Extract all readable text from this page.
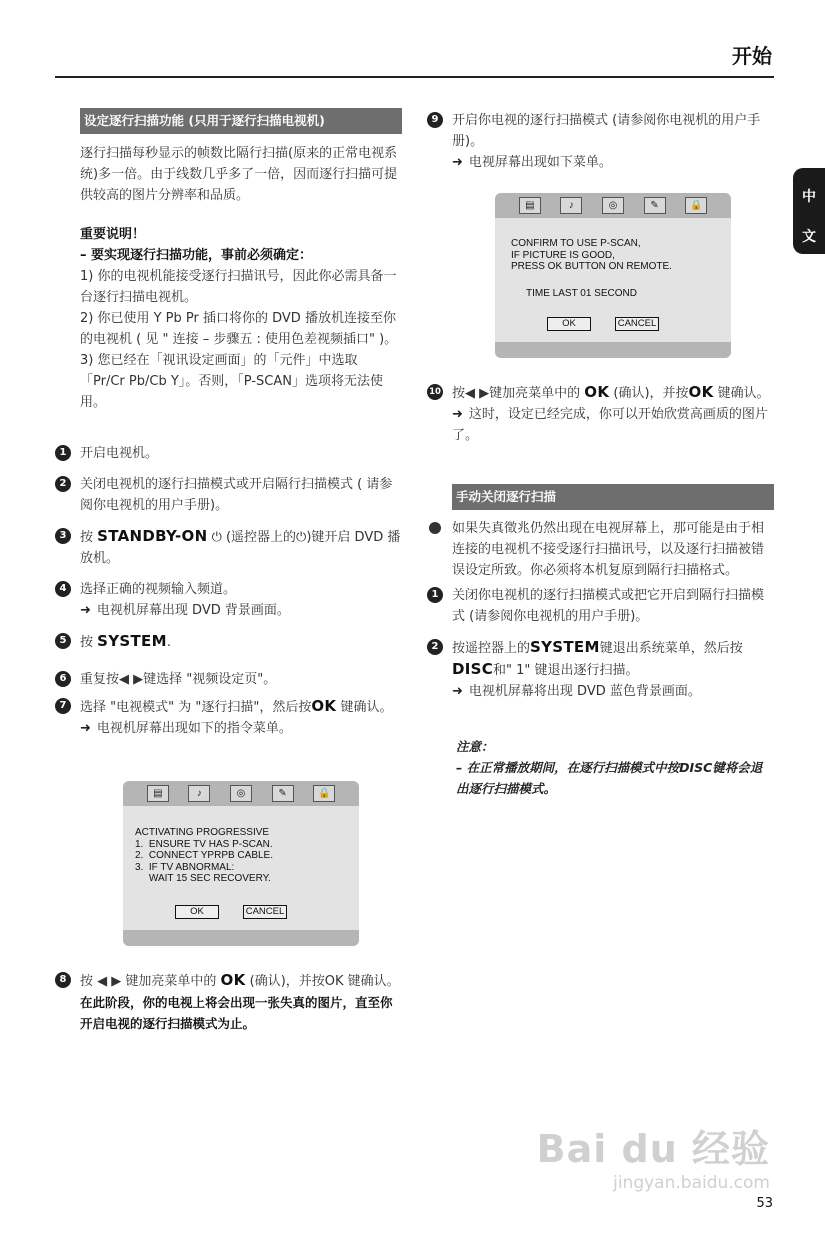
开始
中
文
设定逐行扫描功能 (只用于逐行扫描电视机)
逐行扫描每秒显示的帧数比隔行扫描(原来的正常电视系统)多一倍。由于线数几乎多了一倍，因而逐行扫描可提供较高的图片分辨率和品质。
重要说明！
– 要实现逐行扫描功能，事前必须确定：
1) 你的电视机能接受逐行扫描讯号，因此你必需具备一台逐行扫描电视机。
2) 你已使用 Y Pb Pr 插口将你的 DVD 播放机连接至你的电视机 ( 见 " 连接 – 步骤五 : 使用色差视频插口" )。
3) 您已经在「视讯设定画面」的「元件」中选取「Pr/Cr Pb/Cb Y」。否则，「P-SCAN」选项将无法使用。
1	开启电视机。
2	关闭电视机的逐行扫描模式或开启隔行扫描模式 ( 请参阅你电视机的用户手册)。
3	按 STANDBY-ON ⏻ (遥控器上的⏻)键开启 DVD 播放机。
4	选择正确的视频输入频道。
➜ 电视机屏幕出现 DVD 背景画面。
5	按 SYSTEM.
6	重复按◀ ▶键选择 "视频设定页"。
7	选择 "电视模式" 为 "逐行扫描"，然后按OK 键确认。
➜ 电视机屏幕出现如下的指令菜单。
▤	♪	◎	✎	🔒
ACTIVATING PROGRESSIVE
1.  ENSURE TV HAS P-SCAN.
2.  CONNECT YPRPB CABLE.
3.  IF TV ABNORMAL:
WAIT 15 SEC RECOVERY.
OK	CANCEL
8	按 ◀ ▶ 键加亮菜单中的 OK (确认)，并按OK 键确认。
在此阶段，你的电视上将会出现一张失真的图片，直至你开启电视的逐行扫描模式为止。
9	开启你电视的逐行扫描模式 (请参阅你电视机的用户手册)。
➜ 电视屏幕出现如下菜单。
▤	♪	◎	✎	🔒
CONFIRM TO USE P-SCAN,
IF PICTURE IS GOOD,
PRESS OK BUTTON ON REMOTE.
TIME LAST 01 SECOND
OK	CANCEL
10 按◀ ▶键加亮菜单中的 OK (确认)，并按OK 键确认。
➜ 这时，设定已经完成，你可以开始欣赏高画质的图片了。
手动关闭逐行扫描
如果失真徵兆仍然出现在电视屏幕上，那可能是由于相连接的电视机不接受逐行扫描讯号，以及逐行扫描被错误设定所致。你必须将本机复原到隔行扫描格式。
1	关闭你电视机的逐行扫描模式或把它开启到隔行扫描模式 (请参阅你电视机的用户手册)。
2	按遥控器上的SYSTEM键退出系统菜单，然后按 DISC和" 1" 键退出逐行扫描。
➜ 电视机屏幕将出现 DVD 蓝色背景画面。
注意：
– 在正常播放期间，在逐行扫描模式中按DISC键将会退出逐行扫描模式。
Bai du 经验
jingyan.baidu.com
53
